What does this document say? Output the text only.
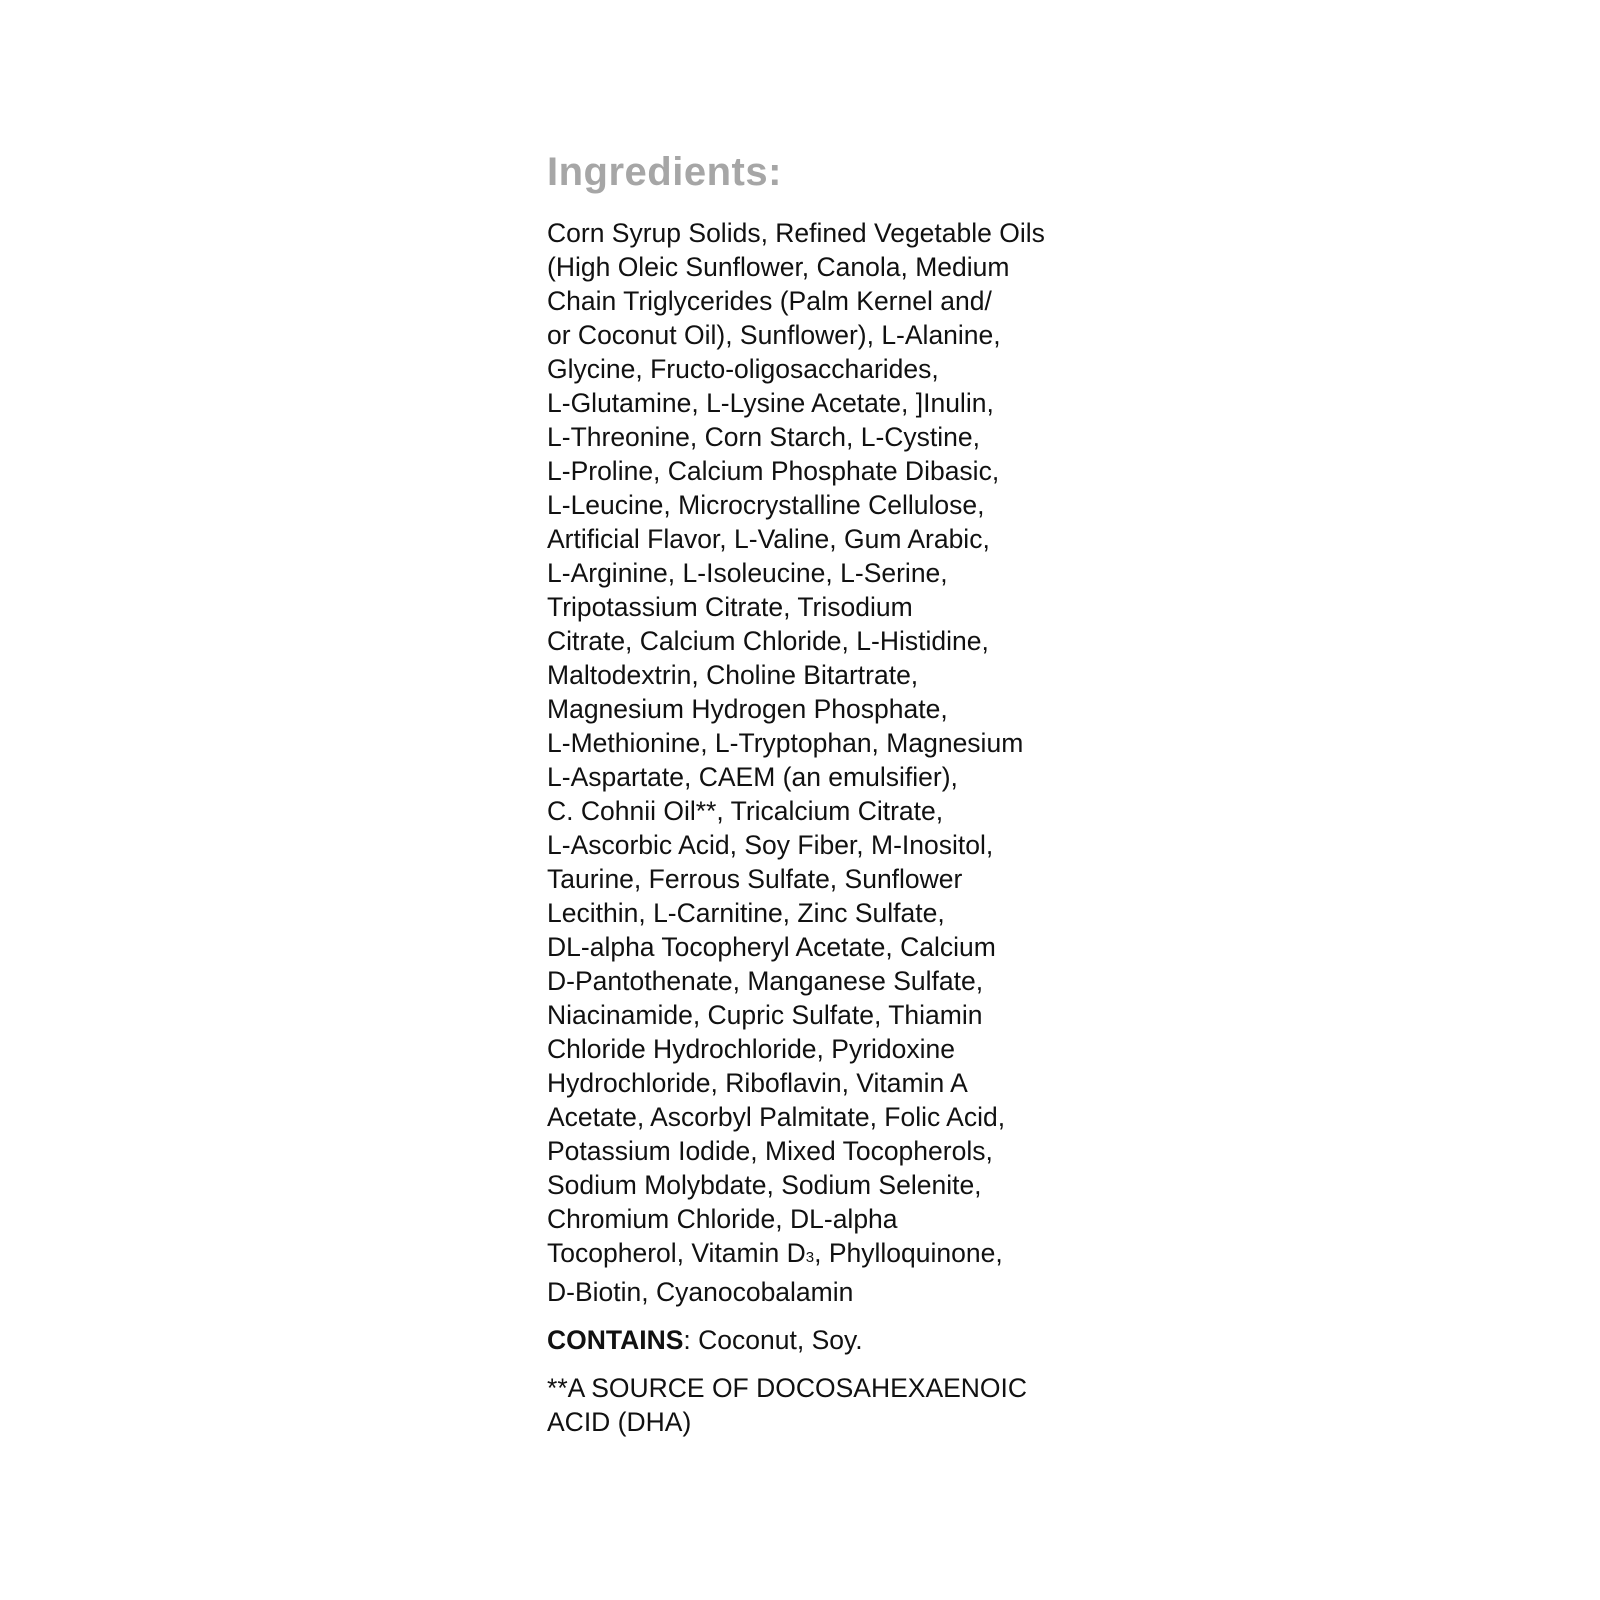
Ingredients:
Corn Syrup Solids, Refined Vegetable Oils
(High Oleic Sunflower, Canola, Medium
Chain Triglycerides (Palm Kernel and/
or Coconut Oil), Sunflower), L-Alanine,
Glycine, Fructo-oligosaccharides,
L-Glutamine, L-Lysine Acetate, ]Inulin,
L-Threonine, Corn Starch, L-Cystine,
L-Proline, Calcium Phosphate Dibasic,
L-Leucine, Microcrystalline Cellulose,
Artificial Flavor, L-Valine, Gum Arabic,
L-Arginine, L-Isoleucine, L-Serine,
Tripotassium Citrate, Trisodium
Citrate, Calcium Chloride, L-Histidine,
Maltodextrin, Choline Bitartrate,
Magnesium Hydrogen Phosphate,
L-Methionine, L-Tryptophan, Magnesium
L-Aspartate, CAEM (an emulsifier),
C. Cohnii Oil**, Tricalcium Citrate,
L-Ascorbic Acid, Soy Fiber, M-Inositol,
Taurine, Ferrous Sulfate, Sunflower
Lecithin, L-Carnitine, Zinc Sulfate,
DL-alpha Tocopheryl Acetate, Calcium
D-Pantothenate, Manganese Sulfate,
Niacinamide, Cupric Sulfate, Thiamin
Chloride Hydrochloride, Pyridoxine
Hydrochloride, Riboflavin, Vitamin A
Acetate, Ascorbyl Palmitate, Folic Acid,
Potassium Iodide, Mixed Tocopherols,
Sodium Molybdate, Sodium Selenite,
Chromium Chloride, DL-alpha
Tocopherol, Vitamin D3, Phylloquinone,
D-Biotin, Cyanocobalamin
CONTAINS: Coconut, Soy.
**A SOURCE OF DOCOSAHEXAENOIC
ACID (DHA)
